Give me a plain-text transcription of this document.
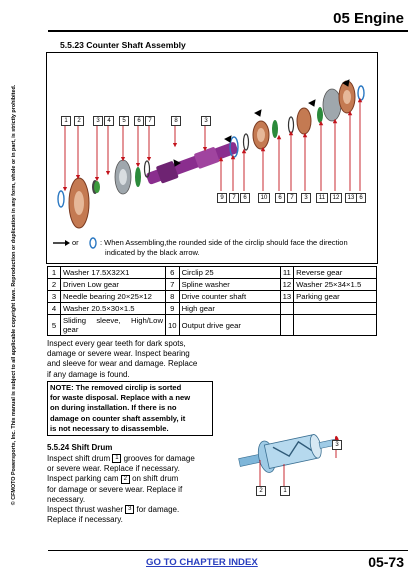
05 Engine
© CFMOTO Powersports, Inc. This manual is subject to all applicable copyright laws. Reproduction or duplication in any form, whole or in part, is strictly prohibited.
5.5.23 Counter Shaft Assembly
1	2	3	4	5	6	7	8	3
9	7	6	10	6	7	3	11	12	13 6
or	: When Assembling,the rounded side of the circlip should face the direction
indicated by the black arrow.
1	Washer 17.5X32X1	6	Circlip 25	11	Reverse gear
2	Driven Low gear	7	Spline washer	12	Washer 25×34×1.5
3	Needle bearing 20×25×12	8	Drive counter shaft	13	Parking gear
4	Washer 20.5×30×1.5	9	High gear		
5	Sliding sleeve, High/Low gear	10	Output drive gear		
Inspect every gear teeth for dark spots,
damage or severe wear. Inspect bearing
and sleeve for wear and damage. Replace
if any damage is found.
NOTE: The removed circlip is sorted
for waste disposal. Replace with a new
on during installation. If there is no
damage on counter shaft assembly, it
is not necessary to disassemble.
5.5.24 Shift Drum
Inspect shift drum 1 grooves for damage
or severe wear. Replace if necessary.
Inspect parking cam 2 on shift drum
for damage or severe wear. Replace if
necessary.
Inspect thrust washer 3 for damage.
Replace if necessary.
3
2	1
GO TO CHAPTER INDEX	05-73
